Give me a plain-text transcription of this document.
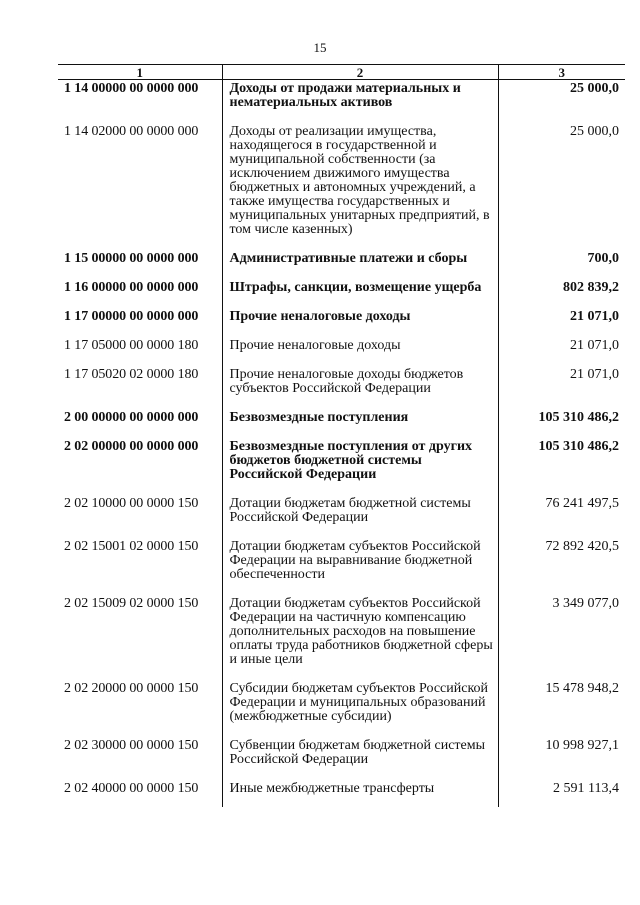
15
1	2	3
1 14 00000 00 0000 000	Доходы от продажи материальных и нематериальных активов	25 000,0
1 14 02000 00 0000 000	Доходы от реализации имущества, находящегося в государственной и муниципальной собственности (за исключением движимого имущества бюджетных и автономных учреждений, а также имущества государственных и муниципальных унитарных предприятий, в том числе казенных)	25 000,0
1 15 00000 00 0000 000	Административные платежи и сборы	700,0
1 16 00000 00 0000 000	Штрафы, санкции, возмещение ущерба	802 839,2
1 17 00000 00 0000 000	Прочие неналоговые доходы	21 071,0
1 17 05000 00 0000 180	Прочие неналоговые доходы	21 071,0
1 17 05020 02 0000 180	Прочие неналоговые доходы бюджетов субъектов Российской Федерации	21 071,0
2 00 00000 00 0000 000	Безвозмездные поступления	105 310 486,2
2 02 00000 00 0000 000	Безвозмездные поступления от других бюджетов бюджетной системы Российской Федерации	105 310 486,2
2 02 10000 00 0000 150	Дотации бюджетам бюджетной системы Российской Федерации	76 241 497,5
2 02 15001 02 0000 150	Дотации бюджетам субъектов Российской Федерации на выравнивание бюджетной обеспеченности	72 892 420,5
2 02 15009 02 0000 150	Дотации бюджетам субъектов Российской Федерации на частичную компенсацию дополнительных расходов на повышение оплаты труда работников бюджетной сферы и иные цели	3 349 077,0
2 02 20000 00 0000 150	Субсидии бюджетам субъектов Российской Федерации и муниципальных образований (межбюджетные субсидии)	15 478 948,2
2 02 30000 00 0000 150	Субвенции бюджетам бюджетной системы Российской Федерации	10 998 927,1
2 02 40000 00 0000 150	Иные межбюджетные трансферты	2 591 113,4
